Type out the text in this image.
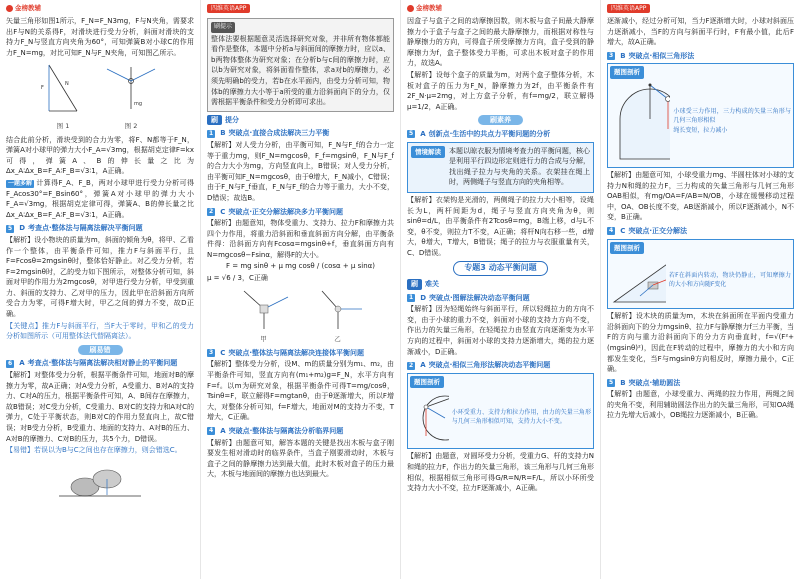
金榜教辅

矢量三角形如图1所示，F_N=F_N3mg，F与N夹角，需要求出F与N的关系得F，对滑块进行受力分析，斜面对滑块的支持力F_N与竖直方向夹角为60°，可知弹簧B对小球C的作用力F_N=mg，对比可知F_N与F_N夹角，可知图乙所示。

F
N
图 1
mg
图 2

结合此前分析，滑块受到的合力为零，将F、N都等于F_N，弹簧A对小球甲的弹力大小F_A=√3mg，根据胡克定律F=kx可得，弹簧A、B的伸长量之比为 Δx_A∶Δx_B=F_A∶F_B=√3∶1，A正确。

一题多解 计算得F_A、F_B，两对小球甲进行受力分析可得F_Acos30°=F_Bsin60°，弹簧A对小球甲的弹力大小F_A=√3mg，根据胡克定律可得，弹簧A、B的伸长量之比Δx_A∶Δx_B=F_A∶F_B=√3∶1，A正确。

5 D 考查点·整体法与隔离法解决平衡问题

【解析】设小物块的质量为m，斜面的倾角为θ，将甲、乙看作一个整体，由平衡条件可知，推力F与斜面平行，且F=Fcosθ=2mgsinθ时，整体恰好静止。对乙受力分析，若F=2mgsinθ时，乙的受力如下图所示，对整体分析可知，斜面对甲的作用力为2mgcosθ，对甲进行受力分析，甲受到重力、斜面的支持力、乙对甲的压力，因此甲在沿斜面方向所受合力为零，可得F增大时，甲乙之间的弹力不变，故D正确。

【关键点】推力F与斜面平行，当F大于零时，甲和乙的受力分析如图所示（可用整体法代替隔离法）。

刷易错
6 A 考查点·整体法与隔离法解决相对静止的平衡问题

【解析】对整体受力分析，根据平衡条件可知，地面对B的摩擦力为零，故A正确；对A受力分析，A受重力、B对A的支持力、C对A的压力，根据平衡条件可知，A、B间存在摩擦力，故B错误；对C受力分析，C受重力、B对C的支持力和A对C的弹力，C处于平衡状态，则B对C的作用力竖直向上，故C错误；对B受力分析，B受重力、地面的支持力、A对B的压力、A对B的摩擦力、C对B的压力，共5个力，D错误。

【易错】若误以为B与C之间也存在摩擦力，则会错选C。

四维英语APP
刷提示

整体法要根据题意灵活选择研究对象，并非所有物体都能看作是整体，本题中分析a与斜面间的摩擦力时，应以a、b两物体整体为研究对象；在分析b与c间的摩擦力时，应以b为研究对象，将斜面看作整体，求a对b的摩擦力，必须先明确b的受力，若b在水平面内，由受力分析可知，物体b的摩擦力大小等于a所受的重力沿斜面向下的分力，仅需根据平衡条件和受力分析即可求出。

刷	提分
1 B 突破点·直接合成法解决三力平衡

【解析】对人受力分析，由平衡可知，F_N与F_f的合力一定等于重力mg，则F_N=mgcosθ，F_f=mgsinθ，F_N与F_f的合力大小为mg，方向竖直向上，B错误；对人受力分析，由平衡可知F_N=mgcosθ，由于θ增大，F_N减小，C错误；由于F_N与F_f垂直，F_N与F_f的合力等于重力，大小不变，D错误；故选B。

2 C 突破点·正交分解法解决多力平衡问题

【解析】由题意知，物体受重力、支持力、拉力F和摩擦力共四个力作用，将重力沿斜面和垂直斜面方向分解，由平衡条件得：沿斜面方向有Fcosα=mgsinθ+f，垂直斜面方向有N=mgcosθ−Fsinα，解得F的大小。

F = mg sinθ + μ mg cosθ / (cosα + μ sinα)

μ = √6 / 3，C正确

甲	乙
3 C 突破点·整体法与隔离法解决连接体平衡问题

【解析】整体受力分析，设M、m的质量分别为m₁、m₂，由平衡条件可知，竖直方向有(m₁+m₂)g=F_N，水平方向有F=f。以m为研究对象，根据平衡条件可得T=mg/cosθ，Tsinθ=F，联立解得F=mgtanθ，由于θ逐渐增大，所以F增大，对整体分析可知，f=F增大，地面对M的支持力不变，T增大，C正确。

4 A 突破点·整体法与隔离法分析临界问题

【解析】由题意可知，解答本题的关键是找出木板与盒子刚要发生相对滑动时的临界条件，当盒子刚要滑动时，木板与盒子之间的静摩擦力达到最大值，此时木板对盒子的压力最大，木板与地面间的摩擦力也达到最大。

金榜教辅

因盒子与盒子之间的动摩擦因数，则木板与盒子间最大静摩擦力小于盒子与盒子之间的最大静摩擦力，而根据对称性与静摩擦力的方向，可得盒子所受摩擦力方向，盒子受到的静摩擦力为f，盒子整体受力平衡，可求出木板对盒子的作用力，故选A。

【解析】设每个盒子的质量为m，对两个盒子整体分析，木板对盒子的压力为F_N，静摩擦力为2f，由平衡条件有2F_N·μ=2mg，对上方盒子分析，有f=mg/2，联立解得μ=1/2，A正确。

刷素养
5 A 创新点·生活中的共点力平衡问题的分析
情境解读	本题以晾衣服为情境考查力的平衡问题，核心是利用平行四边形定则进行力的合成与分解，找出绳子拉力与夹角的关系。衣架挂在绳上时，两侧绳子与竖直方向的夹角相等。

【解析】衣架钩是光滑的，两侧绳子的拉力大小相等，设绳长为L，两杆间距为d，绳子与竖直方向夹角为θ，则sinθ=d/L，由平衡条件有2Tcosθ=mg，B端上移，d与L不变，θ不变，则拉力T不变，A正确；将杆N向右移一些，d增大，θ增大，T增大，B错误；绳子的拉力与衣服重量有关，C、D错误。

专题3 动态平衡问题
刷	难关
1 D 突破点·图解法解决动态平衡问题

【解析】因为轻绳始终与斜面平行，所以轻绳拉力的方向不变，由于小球的重力不变，斜面对小球的支持力方向不变，作出力的矢量三角形，在轻绳拉力由竖直方向逐渐变为水平方向的过程中，斜面对小球的支持力逐渐增大，绳的拉力逐渐减小，D正确。

2 A 突破点·相似三角形法解决动态平衡问题
题图剖析

小环受重力、支持力和拉力作用，由力的矢量三角形与几何三角形相似可知，支持力大小不变。

【解析】由题意，对圆环受力分析，受重力G、杆的支持力N和绳的拉力F，作出力的矢量三角形，该三角形与几何三角形相似，根据相似三角形可得G/R=N/R=F/L，所以小环所受支持力大小不变，拉力F逐渐减小，A正确。

四维英语APP

逐渐减小，经过分析可知，当力F逐渐增大时，小球对斜面压力逐渐减小，当F的方向与斜面平行时，F有最小值，此后F增大，故A正确。

3 B 突破点·相似三角形法
题图剖析

小球受三力作用，三力构成的矢量三角形与几何三角形相似

绳长变短，拉力减小

【解析】由题意可知，小球受重力mg、半圆柱体对小球的支持力N和绳的拉力F，三力构成的矢量三角形与几何三角形OAB相似，有mg/OA=F/AB=N/OB，小球在缓慢移动过程中，OA、OB长度不变，AB逐渐减小，所以F逐渐减小，N不变，B正确。

4 C 突破点·正交分解法
题图剖析

若F在斜面内转动，物块仍静止，可知摩擦力的大小和方向随F变化

【解析】设木块的质量为m，木块在斜面所在平面内受重力沿斜面向下的分力mgsinθ、拉力F与静摩擦力f三力平衡，当F的方向与重力沿斜面向下的分力方向垂直时，f=√(F²+(mgsinθ)²)，因此在F转动的过程中，摩擦力的大小和方向都发生变化，当F与mgsinθ方向相反时，摩擦力最小，C正确。

5 B 突破点·辅助圆法

【解析】由题意，小球受重力、两绳的拉力作用，两绳之间的夹角不变，利用辅助圆法作出力的矢量三角形，可知OA绳拉力先增大后减小，OB绳拉力逐渐减小，B正确。
